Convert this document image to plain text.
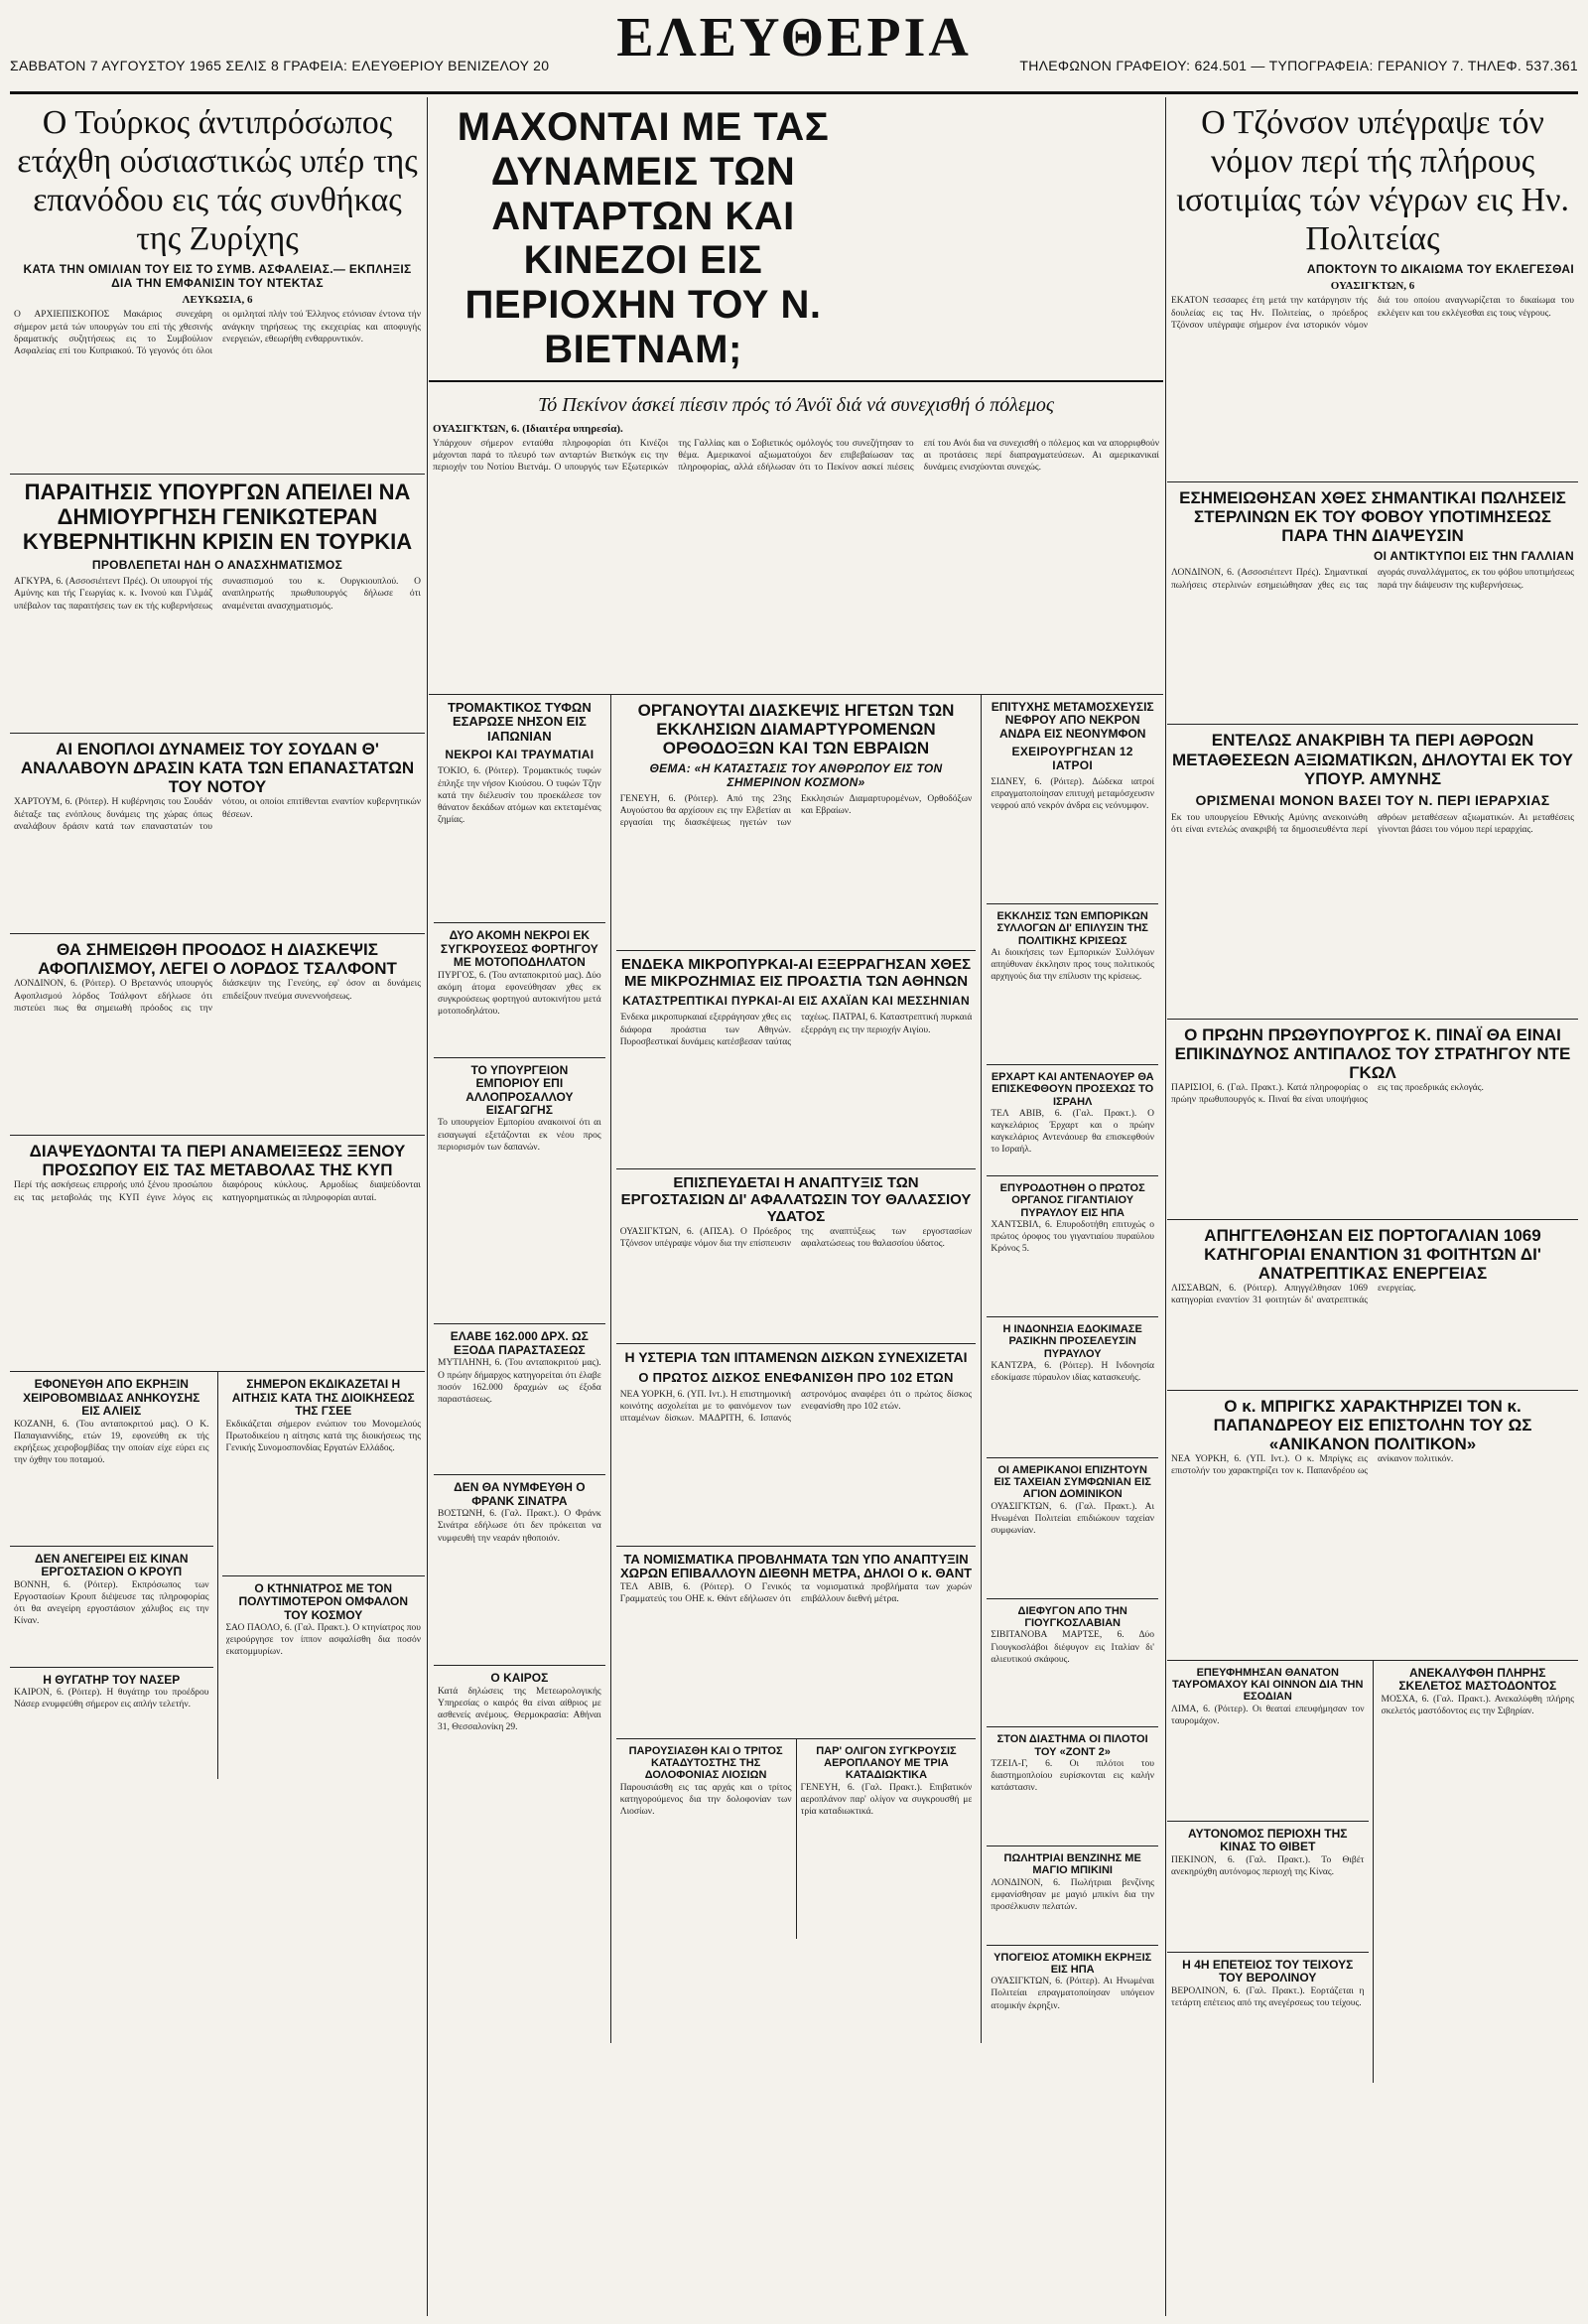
ΣΑΒΒΑΤΟΝ 7 ΑΥΓΟΥΣΤΟΥ 1965 ΣΕΛΙΣ 8 ΓΡΑΦΕΙΑ: ΕΛΕΥΘΕΡΙΟΥ ΒΕΝΙΖΕΛΟΥ 20	ΕΛΕΥΘΕΡΙΑ	ΤΗΛΕΦΩΝΟΝ ΓΡΑΦΕΙΟΥ: 624.501 — ΤΥΠΟΓΡΑΦΕΙΑ: ΓΕΡΑΝΙΟΥ 7. ΤΗΛΕΦ. 537.361
Ο Τούρκος άντιπρόσωπος ετάχθη ούσιαστικώς υπέρ της επανόδου εις τάς συνθήκας της Ζυρίχης
ΚΑΤΑ ΤΗΝ ΟΜΙΛΙΑΝ ΤΟΥ ΕΙΣ ΤΟ ΣΥΜΒ. ΑΣΦΑΛΕΙΑΣ.— ΕΚΠΛΗΞΙΣ ΔΙΑ ΤΗΝ ΕΜΦΑΝΙΣΙΝ ΤΟΥ ΝΤΕΚΤΑΣ
ΛΕΥΚΩΣΙΑ, 6
Ο ΑΡΧΙΕΠΙΣΚΟΠΟΣ Μακάριος συνεχάρη σήμερον μετά τών υπουργών του επί τής χθεσινής δραματικής συζητήσεως εις το Συμβούλιον Ασφαλείας επί του Κυπριακού. Τό γεγονός ότι όλοι οι ομιληταί πλήν τού Έλληνος ετόνισαν έντονα τήν ανάγκην τηρήσεως της εκεχειρίας και αποφυγής ενεργειών, εθεωρήθη ενθαρρυντικόν.
ΠΑΡΑΙΤΗΣΙΣ ΥΠΟΥΡΓΩΝ ΑΠΕΙΛΕΙ ΝΑ ΔΗΜΙΟΥΡΓΗΣΗ ΓΕΝΙΚΩΤΕΡΑΝ ΚΥΒΕΡΝΗΤΙΚΗΝ ΚΡΙΣΙΝ ΕΝ ΤΟΥΡΚΙΑ
ΠΡΟΒΛΕΠΕΤΑΙ ΗΔΗ Ο ΑΝΑΣΧΗΜΑΤΙΣΜΟΣ
ΑΓΚΥΡΑ, 6. (Ασσοσιέιτεντ Πρές). Οι υπουργοί τής Αμύνης και τής Γεωργίας κ. κ. Ινονού και Γιλμάζ υπέβαλον τας παραιτήσεις των εκ τής κυβερνήσεως συνασπισμού του κ. Ουργκιουπλού. Ο αναπληρωτής πρωθυπουργός δήλωσε ότι αναμένεται ανασχηματισμός.
ΑΙ ΕΝΟΠΛΟΙ ΔΥΝΑΜΕΙΣ ΤΟΥ ΣΟΥΔΑΝ Θ' ΑΝΑΛΑΒΟΥΝ ΔΡΑΣΙΝ ΚΑΤΑ ΤΩΝ ΕΠΑΝΑΣΤΑΤΩΝ ΤΟΥ ΝΟΤΟΥ
ΧΑΡΤΟΥΜ, 6. (Ρόιτερ). Η κυβέρνησις του Σουδάν διέταξε τας ενόπλους δυνάμεις της χώρας όπως αναλάβουν δράσιν κατά των επαναστατών του νότου, οι οποίοι επιτίθενται εναντίον κυβερνητικών θέσεων.
ΘΑ ΣΗΜΕΙΩΘΗ ΠΡΟΟΔΟΣ Η ΔΙΑΣΚΕΨΙΣ ΑΦΟΠΛΙΣΜΟΥ, ΛΕΓΕΙ Ο ΛΟΡΔΟΣ ΤΣΑΛΦΟΝΤ
ΛΟΝΔΙΝΟΝ, 6. (Ρόιτερ). Ο Βρεταννός υπουργός Αφοπλισμού λόρδος Τσάλφοντ εδήλωσε ότι πιστεύει πως θα σημειωθή πρόοδος εις την διάσκεψιν της Γενεύης, εφ' όσον αι δυνάμεις επιδείξουν πνεύμα συνεννοήσεως.
ΔΙΑΨΕΥΔΟΝΤΑΙ ΤΑ ΠΕΡΙ ΑΝΑΜΕΙΞΕΩΣ ΞΕΝΟΥ ΠΡΟΣΩΠΟΥ ΕΙΣ ΤΑΣ ΜΕΤΑΒΟΛΑΣ ΤΗΣ ΚΥΠ
Περί τής ασκήσεως επιρροής υπό ξένου προσώπου εις τας μεταβολάς της ΚΥΠ έγινε λόγος εις διαφόρους κύκλους. Αρμοδίως διαψεύδονται κατηγορηματικώς αι πληροφορίαι αυταί.
ΕΦΟΝΕΥΘΗ ΑΠΟ ΕΚΡΗΞΙΝ ΧΕΙΡΟΒΟΜΒΙΔΑΣ ΑΝΗΚΟΥΣΗΣ ΕΙΣ ΑΛΙΕΙΣ
ΚΟΖΑΝΗ, 6. (Του ανταποκριτού μας). Ο Κ. Παπαγιαννίδης, ετών 19, εφονεύθη εκ τής εκρήξεως χειροβομβίδας την οποίαν είχε εύρει εις την όχθην του ποταμού.
ΔΕΝ ΑΝΕΓΕΙΡΕΙ ΕΙΣ ΚΙΝΑΝ ΕΡΓΟΣΤΑΣΙΟΝ Ο ΚΡΟΥΠ
ΒΟΝΝΗ, 6. (Ρόιτερ). Εκπρόσωπος των Εργοστασίων Κρουπ διέψευσε τας πληροφορίας ότι θα ανεγείρη εργοστάσιον χάλυβος εις την Κίναν.
Η ΘΥΓΑΤΗΡ ΤΟΥ ΝΑΣΕΡ
ΚΑΙΡΟΝ, 6. (Ρόιτερ). Η θυγάτηρ του προέδρου Νάσερ ενυμφεύθη σήμερον εις απλήν τελετήν.
ΣΗΜΕΡΟΝ ΕΚΔΙΚΑΖΕΤΑΙ Η ΑΙΤΗΣΙΣ ΚΑΤΑ ΤΗΣ ΔΙΟΙΚΗΣΕΩΣ ΤΗΣ ΓΣΕΕ
Εκδικάζεται σήμερον ενώπιον του Μονομελούς Πρωτοδικείου η αίτησις κατά της διοικήσεως της Γενικής Συνομοσπονδίας Εργατών Ελλάδος.
Ο ΚΤΗΝΙΑΤΡΟΣ ΜΕ ΤΟΝ ΠΟΛΥΤΙΜΟΤΕΡΟΝ ΟΜΦΑΛΟΝ ΤΟΥ ΚΟΣΜΟΥ
ΣΑΟ ΠΑΟΛΟ, 6. (Γαλ. Πρακτ.). Ο κτηνίατρος που χειρούργησε τον ίππον ασφαλίσθη δια ποσόν εκατομμυρίων.
ΜΑΧΟΝΤΑΙ ΜΕ ΤΑΣ ΔΥΝΑΜΕΙΣ ΤΩΝ ΑΝΤΑΡΤΩΝ ΚΑΙ ΚΙΝΕΖΟΙ ΕΙΣ ΠΕΡΙΟΧΗΝ ΤΟΥ Ν. ΒΙΕΤΝΑΜ;
Τό Πεκίνον άσκεί πίεσιν πρός τό Άνόϊ διά νά συνεχισθή ό πόλεμος
ΟΥΑΣΙΓΚΤΩΝ, 6. (Ιδιαιτέρα υπηρεσία).
Υπάρχουν σήμερον ενταύθα πληροφορίαι ότι Κινέζοι μάχονται παρά το πλευρό των ανταρτών Βιετκόγκ εις την περιοχήν του Νοτίου Βιετνάμ. Ο υπουργός των Εξωτερικών της Γαλλίας και ο Σοβιετικός ομόλογός του συνεζήτησαν το θέμα. Αμερικανοί αξιωματούχοι δεν επιβεβαίωσαν τας πληροφορίας, αλλά εδήλωσαν ότι το Πεκίνον ασκεί πιέσεις επί του Ανόι δια να συνεχισθή ο πόλεμος και να απορριφθούν αι προτάσεις περί διαπραγματεύσεων. Αι αμερικανικαί δυνάμεις ενισχύονται συνεχώς.
ΤΡΟΜΑΚΤΙΚΟΣ ΤΥΦΩΝ ΕΣΑΡΩΣΕ ΝΗΣΟΝ ΕΙΣ ΙΑΠΩΝΙΑΝ
ΝΕΚΡΟΙ ΚΑΙ ΤΡΑΥΜΑΤΙΑΙ
ΤΟΚΙΟ, 6. (Ρόιτερ). Τρομακτικός τυφών έπληξε την νήσον Κιούσου. Ο τυφών Τζην κατά την διέλευσίν του προεκάλεσε τον θάνατον δεκάδων ατόμων και εκτεταμένας ζημίας.
ΔΥΟ ΑΚΟΜΗ ΝΕΚΡΟΙ ΕΚ ΣΥΓΚΡΟΥΣΕΩΣ ΦΟΡΤΗΓΟΥ ΜΕ ΜΟΤΟΠΟΔΗΛΑΤΟΝ
ΠΥΡΓΟΣ, 6. (Του ανταποκριτού μας). Δύο ακόμη άτομα εφονεύθησαν χθες εκ συγκρούσεως φορτηγού αυτοκινήτου μετά μοτοποδηλάτου.
ΤΟ ΥΠΟΥΡΓΕΙΟΝ ΕΜΠΟΡΙΟΥ ΕΠΙ ΑΛΛΟΠΡΟΣΑΛΛΟΥ ΕΙΣΑΓΩΓΗΣ
Το υπουργείον Εμπορίου ανακοινοί ότι αι εισαγωγαί εξετάζονται εκ νέου προς περιορισμόν των δαπανών.
ΕΛΑΒΕ 162.000 ΔΡΧ. ΩΣ ΕΞΟΔΑ ΠΑΡΑΣΤΑΣΕΩΣ
ΜΥΤΙΛΗΝΗ, 6. (Του ανταποκριτού μας). Ο πρώην δήμαρχος κατηγορείται ότι έλαβε ποσόν 162.000 δραχμών ως έξοδα παραστάσεως.
ΔΕΝ ΘΑ ΝΥΜΦΕΥΘΗ Ο ΦΡΑΝΚ ΣΙΝΑΤΡΑ
ΒΟΣΤΩΝΗ, 6. (Γαλ. Πρακτ.). Ο Φράνκ Σινάτρα εδήλωσε ότι δεν πρόκειται να νυμφευθή την νεαράν ηθοποιόν.
Ο ΚΑΙΡΟΣ
Κατά δηλώσεις της Μετεωρολογικής Υπηρεσίας ο καιρός θα είναι αίθριος με ασθενείς ανέμους. Θερμοκρασία: Αθήναι 31, Θεσσαλονίκη 29.
ΟΡΓΑΝΟΥΤΑΙ ΔΙΑΣΚΕΨΙΣ ΗΓΕΤΩΝ ΤΩΝ ΕΚΚΛΗΣΙΩΝ ΔΙΑΜΑΡΤΥΡΟΜΕΝΩΝ ΟΡΘΟΔΟΞΩΝ ΚΑΙ ΤΩΝ ΕΒΡΑΙΩΝ
ΘΕΜΑ: «Η ΚΑΤΑΣΤΑΣΙΣ ΤΟΥ ΑΝΘΡΩΠΟΥ ΕΙΣ ΤΟΝ ΣΗΜΕΡΙΝΟΝ ΚΟΣΜΟΝ»
ΓΕΝΕΥΗ, 6. (Ρόιτερ). Από της 23ης Αυγούστου θα αρχίσουν εις την Ελβετίαν αι εργασίαι της διασκέψεως ηγετών των Εκκλησιών Διαμαρτυρομένων, Ορθοδόξων και Εβραίων.
ΕΝΔΕΚΑ ΜΙΚΡΟΠΥΡΚΑΙ-ΑΙ ΕΞΕΡΡΑΓΗΣΑΝ ΧΘΕΣ ΜΕ ΜΙΚΡΟΖΗΜΙΑΣ ΕΙΣ ΠΡΟΑΣΤΙΑ ΤΩΝ ΑΘΗΝΩΝ
ΚΑΤΑΣΤΡΕΠΤΙΚΑΙ ΠΥΡΚΑΙ-ΑΙ ΕΙΣ ΑΧΑΪΑΝ ΚΑΙ ΜΕΣΣΗΝΙΑΝ
Ένδεκα μικροπυρκαιαί εξερράγησαν χθες εις διάφορα προάστια των Αθηνών. Πυροσβεστικαί δυνάμεις κατέσβεσαν ταύτας ταχέως. ΠΑΤΡΑΙ, 6. Καταστρεπτική πυρκαιά εξερράγη εις την περιοχήν Αιγίου.
ΕΠΙΣΠΕΥΔΕΤΑΙ Η ΑΝΑΠΤΥΞΙΣ ΤΩΝ ΕΡΓΟΣΤΑΣΙΩΝ ΔΙ' ΑΦΑΛΑΤΩΣΙΝ ΤΟΥ ΘΑΛΑΣΣΙΟΥ ΥΔΑΤΟΣ
ΟΥΑΣΙΓΚΤΩΝ, 6. (ΑΠΣΑ). Ο Πρόεδρος Τζόνσον υπέγραψε νόμον δια την επίσπευσιν της αναπτύξεως των εργοστασίων αφαλατώσεως του θαλασσίου ύδατος.
Η ΥΣΤΕΡΙΑ ΤΩΝ ΙΠΤΑΜΕΝΩΝ ΔΙΣΚΩΝ ΣΥΝΕΧΙΖΕΤΑΙ
Ο ΠΡΩΤΟΣ ΔΙΣΚΟΣ ΕΝΕΦΑΝΙΣΘΗ ΠΡΟ 102 ΕΤΩΝ
ΝΕΑ ΥΟΡΚΗ, 6. (ΥΠ. Ιντ.). Η επιστημονική κοινότης ασχολείται με το φαινόμενον των ιπταμένων δίσκων. ΜΑΔΡΙΤΗ, 6. Ισπανός αστρονόμος αναφέρει ότι ο πρώτος δίσκος ενεφανίσθη προ 102 ετών.
ΤΑ ΝΟΜΙΣΜΑΤΙΚΑ ΠΡΟΒΛΗΜΑΤΑ ΤΩΝ ΥΠΟ ΑΝΑΠΤΥΞΙΝ ΧΩΡΩΝ ΕΠΙΒΑΛΛΟΥΝ ΔΙΕΘΝΗ ΜΕΤΡΑ, ΔΗΛΟΙ Ο κ. ΘΑΝΤ
ΤΕΛ ΑΒΙΒ, 6. (Ρόιτερ). Ο Γενικός Γραμματεύς του ΟΗΕ κ. Θάντ εδήλωσεν ότι τα νομισματικά προβλήματα των χωρών επιβάλλουν διεθνή μέτρα.
ΠΑΡΟΥΣΙΑΣΘΗ ΚΑΙ Ο ΤΡΙΤΟΣ ΚΑΤΑΔΥΤΟΣΤΗΣ ΤΗΣ ΔΟΛΟΦΟΝΙΑΣ ΛΙΟΣΙΩΝ
Παρουσιάσθη εις τας αρχάς και ο τρίτος κατηγορούμενος δια την δολοφονίαν των Λιοσίων.
ΠΑΡ' ΟΛΙΓΟΝ ΣΥΓΚΡΟΥΣΙΣ ΑΕΡΟΠΛΑΝΟΥ ΜΕ ΤΡΙΑ ΚΑΤΑΔΙΩΚΤΙΚΑ
ΓΕΝΕΥΗ, 6. (Γαλ. Πρακτ.). Επιβατικόν αεροπλάνον παρ' ολίγον να συγκρουσθή με τρία καταδιωκτικά.
ΕΠΙΤΥΧΗΣ ΜΕΤΑΜΟΣΧΕΥΣΙΣ ΝΕΦΡΟΥ ΑΠΟ ΝΕΚΡΟΝ ΑΝΔΡΑ ΕΙΣ ΝΕΟΝΥΜΦΟΝ
ΕΧΕΙΡΟΥΡΓΗΣΑΝ 12 ΙΑΤΡΟΙ
ΣΙΔΝΕΥ, 6. (Ρόιτερ). Δώδεκα ιατροί επραγματοποίησαν επιτυχή μεταμόσχευσιν νεφρού από νεκρόν άνδρα εις νεόνυμφον.
ΕΚΚΛΗΣΙΣ ΤΩΝ ΕΜΠΟΡΙΚΩΝ ΣΥΛΛΟΓΩΝ ΔΙ' ΕΠΙΛΥΣΙΝ ΤΗΣ ΠΟΛΙΤΙΚΗΣ ΚΡΙΣΕΩΣ
Αι διοικήσεις των Εμπορικών Συλλόγων απηύθυναν έκκλησιν προς τους πολιτικούς αρχηγούς δια την επίλυσιν της κρίσεως.
ΕΡΧΑΡΤ ΚΑΙ ΑΝΤΕΝΑΟΥΕΡ ΘΑ ΕΠΙΣΚΕΦΘΟΥΝ ΠΡΟΣΕΧΩΣ ΤΟ ΙΣΡΑΗΛ
ΤΕΛ ΑΒΙΒ, 6. (Γαλ. Πρακτ.). Ο καγκελάριος Έρχαρτ και ο πρώην καγκελάριος Αντενάουερ θα επισκεφθούν το Ισραήλ.
ΕΠΥΡΟΔΟΤΗΘΗ Ο ΠΡΩΤΟΣ ΟΡΓΑΝΟΣ ΓΙΓΑΝΤΙΑΙΟΥ ΠΥΡΑΥΛΟΥ ΕΙΣ ΗΠΑ
ΧΑΝΤΣΒΙΛ, 6. Επυροδοτήθη επιτυχώς ο πρώτος όροφος του γιγαντιαίου πυραύλου Κρόνος 5.
Η ΙΝΔΟΝΗΣΙΑ ΕΔΟΚΙΜΑΣΕ ΡΑΣΙΚΗΝ ΠΡΟΣΕΛΕΥΣΙΝ ΠΥΡΑΥΛΟΥ
ΚΑΝΤΖΡΑ, 6. (Ρόιτερ). Η Ινδονησία εδοκίμασε πύραυλον ιδίας κατασκευής.
ΟΙ ΑΜΕΡΙΚΑΝΟΙ ΕΠΙΖΗΤΟΥΝ ΕΙΣ ΤΑΧΕΙΑΝ ΣΥΜΦΩΝΙΑΝ ΕΙΣ ΑΓΙΟΝ ΔΟΜΙΝΙΚΟΝ
ΟΥΑΣΙΓΚΤΩΝ, 6. (Γαλ. Πρακτ.). Αι Ηνωμέναι Πολιτείαι επιδιώκουν ταχείαν συμφωνίαν.
ΔΙΕΦΥΓΟΝ ΑΠΟ ΤΗΝ ΓΙΟΥΓΚΟΣΛΑΒΙΑΝ
ΣΙΒΙΤΑΝΟΒΑ ΜΑΡΤΣΕ, 6. Δύο Γιουγκοσλάβοι διέφυγον εις Ιταλίαν δι' αλιευτικού σκάφους.
ΣΤΟΝ ΔΙΑΣΤΗΜΑ ΟΙ ΠΙΛΟΤΟΙ ΤΟΥ «ΖΟΝΤ 2»
ΤΖΕΙΛ-Γ, 6. Οι πιλότοι του διαστημοπλοίου ευρίσκονται εις καλήν κατάστασιν.
ΠΩΛΗΤΡΙΑΙ ΒΕΝΖΙΝΗΣ ΜΕ ΜΑΓΙΟ ΜΠΙΚΙΝΙ
ΛΟΝΔΙΝΟΝ, 6. Πωλήτριαι βενζίνης εμφανίσθησαν με μαγιό μπικίνι δια την προσέλκυσιν πελατών.
ΥΠΟΓΕΙΟΣ ΑΤΟΜΙΚΗ ΕΚΡΗΞΙΣ ΕΙΣ ΗΠΑ
ΟΥΑΣΙΓΚΤΩΝ, 6. (Ρόιτερ). Αι Ηνωμέναι Πολιτείαι επραγματοποίησαν υπόγειον ατομικήν έκρηξιν.
Ο Τζόνσον υπέγραψε τόν νόμον περί τής πλήρους ισοτιμίας τών νέγρων εις Ην. Πολιτείας
ΑΠΟΚΤΟΥΝ ΤΟ ΔΙΚΑΙΩΜΑ ΤΟΥ ΕΚΛΕΓΕΣΘΑΙ
ΟΥΑΣΙΓΚΤΩΝ, 6
ΕΚΑΤΟΝ τεσσαρες έτη μετά την κατάργησιν τής δουλείας εις τας Ην. Πολιτείας, ο πρόεδρος Τζόνσον υπέγραψε σήμερον ένα ιστορικόν νόμον διά του οποίου αναγνωρίζεται το δικαίωμα του εκλέγειν και του εκλέγεσθαι εις τους νέγρους.
ΕΣΗΜΕΙΩΘΗΣΑΝ ΧΘΕΣ ΣΗΜΑΝΤΙΚΑΙ ΠΩΛΗΣΕΙΣ ΣΤΕΡΛΙΝΩΝ ΕΚ ΤΟΥ ΦΟΒΟΥ ΥΠΟΤΙΜΗΣΕΩΣ ΠΑΡΑ ΤΗΝ ΔΙΑΨΕΥΣΙΝ
ΟΙ ΑΝΤΙΚΤΥΠΟΙ ΕΙΣ ΤΗΝ ΓΑΛΛΙΑΝ
ΛΟΝΔΙΝΟΝ, 6. (Ασσοσιέιτεντ Πρές). Σημαντικαί πωλήσεις στερλινών εσημειώθησαν χθες εις τας αγοράς συναλλάγματος, εκ του φόβου υποτιμήσεως παρά την διάψευσιν της κυβερνήσεως.
ΕΝΤΕΛΩΣ ΑΝΑΚΡΙΒΗ ΤΑ ΠΕΡΙ ΑΘΡΟΩΝ ΜΕΤΑΘΕΣΕΩΝ ΑΞΙΩΜΑΤΙΚΩΝ, ΔΗΛΟΥΤΑΙ ΕΚ ΤΟΥ ΥΠΟΥΡ. ΑΜΥΝΗΣ
ΟΡΙΣΜΕΝΑΙ ΜΟΝΟΝ ΒΑΣΕΙ ΤΟΥ Ν. ΠΕΡΙ ΙΕΡΑΡΧΙΑΣ
Εκ του υπουργείου Εθνικής Αμύνης ανεκοινώθη ότι είναι εντελώς ανακριβή τα δημοσιευθέντα περί αθρόων μεταθέσεων αξιωματικών. Αι μεταθέσεις γίνονται βάσει του νόμου περί ιεραρχίας.
Ο ΠΡΩΗΝ ΠΡΩΘΥΠΟΥΡΓΟΣ Κ. ΠΙΝΑΪ ΘΑ ΕΙΝΑΙ ΕΠΙΚΙΝΔΥΝΟΣ ΑΝΤΙΠΑΛΟΣ ΤΟΥ ΣΤΡΑΤΗΓΟΥ ΝΤΕ ΓΚΩΛ
ΠΑΡΙΣΙΟΙ, 6. (Γαλ. Πρακτ.). Κατά πληροφορίας ο πρώην πρωθυπουργός κ. Πιναί θα είναι υποψήφιος εις τας προεδρικάς εκλογάς.
ΑΠΗΓΓΕΛΘΗΣΑΝ ΕΙΣ ΠΟΡΤΟΓΑΛΙΑΝ 1069 ΚΑΤΗΓΟΡΙΑΙ ΕΝΑΝΤΙΟΝ 31 ΦΟΙΤΗΤΩΝ ΔΙ' ΑΝΑΤΡΕΠΤΙΚΑΣ ΕΝΕΡΓΕΙΑΣ
ΛΙΣΣΑΒΩΝ, 6. (Ρόιτερ). Απηγγέλθησαν 1069 κατηγορίαι εναντίον 31 φοιτητών δι' ανατρεπτικάς ενεργείας.
Ο κ. ΜΠΡΙΓΚΣ ΧΑΡΑΚΤΗΡΙΖΕΙ ΤΟΝ κ. ΠΑΠΑΝΔΡΕΟΥ ΕΙΣ ΕΠΙΣΤΟΛΗΝ ΤΟΥ ΩΣ «ΑΝΙΚΑΝΟΝ ΠΟΛΙΤΙΚΟΝ»
ΝΕΑ ΥΟΡΚΗ, 6. (ΥΠ. Ιντ.). Ο κ. Μπρίγκς εις επιστολήν του χαρακτηρίζει τον κ. Παπανδρέου ως ανίκανον πολιτικόν.
ΕΠΕΥΦΗΜΗΣΑΝ ΘΑΝΑΤΟΝ ΤΑΥΡΟΜΑΧΟΥ ΚΑΙ ΟΙΝΝΟΝ ΔΙΑ ΤΗΝ ΕΣΟΔΙΑΝ
ΛΙΜΑ, 6. (Ρόιτερ). Οι θεαταί επευφήμησαν τον ταυρομάχον.
ΑΥΤΟΝΟΜΟΣ ΠΕΡΙΟΧΗ ΤΗΣ ΚΙΝΑΣ ΤΟ ΘΙΒΕΤ
ΠΕΚΙΝΟΝ, 6. (Γαλ. Πρακτ.). Το Θιβέτ ανεκηρύχθη αυτόνομος περιοχή της Κίνας.
Η 4Η ΕΠΕΤΕΙΟΣ ΤΟΥ ΤΕΙΧΟΥΣ ΤΟΥ ΒΕΡΟΛΙΝΟΥ
ΒΕΡΟΛΙΝΟΝ, 6. (Γαλ. Πρακτ.). Εορτάζεται η τετάρτη επέτειος από της ανεγέρσεως του τείχους.
ΑΝΕΚΑΛΥΦΘΗ ΠΛΗΡΗΣ ΣΚΕΛΕΤΟΣ ΜΑΣΤΟΔΟΝΤΟΣ
ΜΟΣΧΑ, 6. (Γαλ. Πρακτ.). Ανεκαλύφθη πλήρης σκελετός μαστόδοντος εις την Σιβηρίαν.
